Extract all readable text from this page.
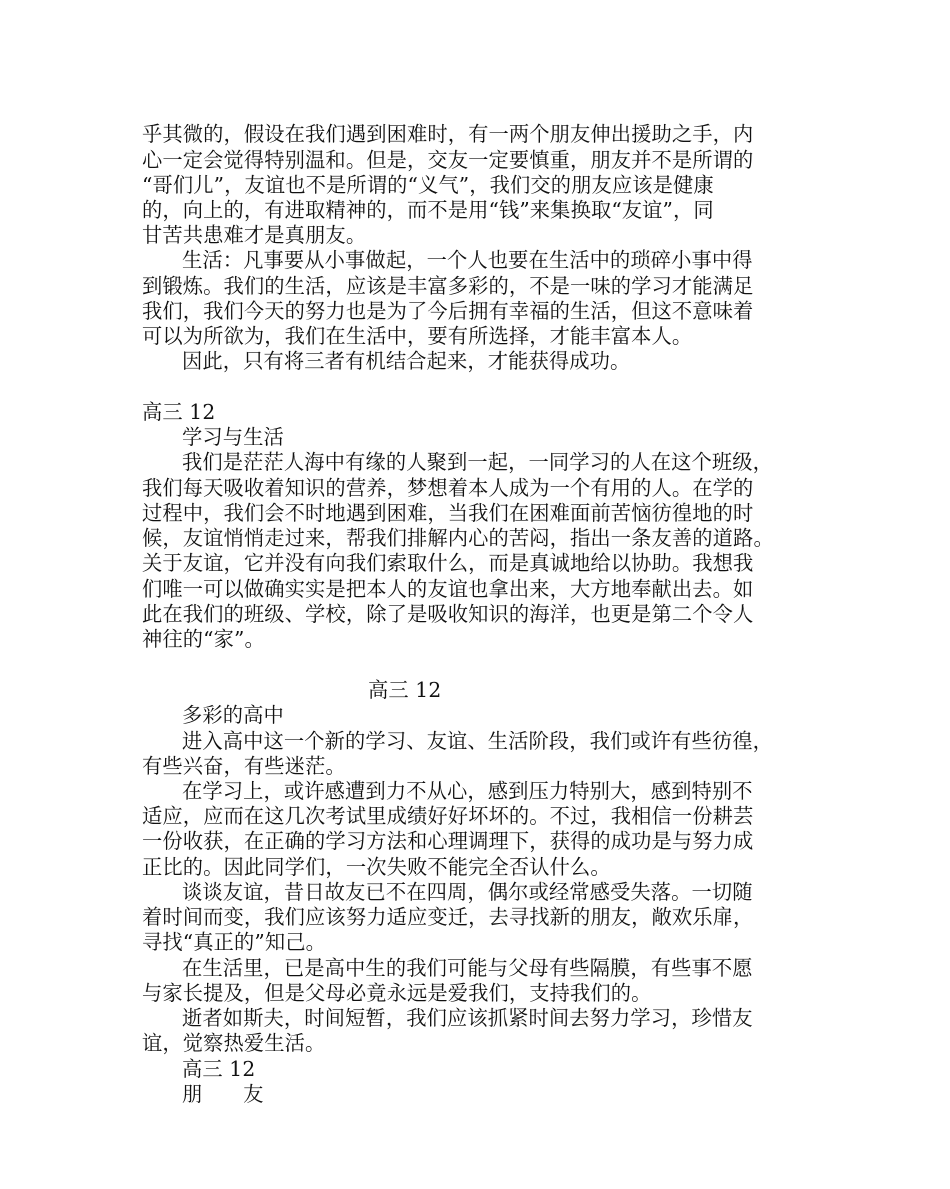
乎其微的，假设在我们遇到困难时，有一两个朋友伸出援助之手，内
心一定会觉得特别温和。但是，交友一定要慎重，朋友并不是所谓的
“哥们儿”，友谊也不是所谓的“义气”，我们交的朋友应该是健康
的，向上的，有进取精神的，而不是用“钱”来集换取“友谊”，同
甘苦共患难才是真朋友。
生活：凡事要从小事做起，一个人也要在生活中的琐碎小事中得
到锻炼。我们的生活，应该是丰富多彩的，不是一味的学习才能满足
我们，我们今天的努力也是为了今后拥有幸福的生活，但这不意味着
可以为所欲为，我们在生活中，要有所选择，才能丰富本人。
因此，只有将三者有机结合起来，才能获得成功。
高三 12
学习与生活
我们是茫茫人海中有缘的人聚到一起，一同学习的人在这个班级，
我们每天吸收着知识的营养，梦想着本人成为一个有用的人。在学的
过程中，我们会不时地遇到困难，当我们在困难面前苦恼彷徨地的时
候，友谊悄悄走过来，帮我们排解内心的苦闷，指出一条友善的道路。
关于友谊，它并没有向我们索取什么，而是真诚地给以协助。我想我
们唯一可以做确实实是把本人的友谊也拿出来，大方地奉献出去。如
此在我们的班级、学校，除了是吸收知识的海洋，也更是第二个令人
神往的“家”。
高三 12
多彩的高中
进入高中这一个新的学习、友谊、生活阶段，我们或许有些彷徨，
有些兴奋，有些迷茫。
在学习上，或许感遭到力不从心，感到压力特别大，感到特别不
适应，应而在这几次考试里成绩好好坏坏的。不过，我相信一份耕芸
一份收获，在正确的学习方法和心理调理下，获得的成功是与努力成
正比的。因此同学们，一次失败不能完全否认什么。
谈谈友谊，昔日故友已不在四周，偶尔或经常感受失落。一切随
着时间而变，我们应该努力适应变迁，去寻找新的朋友，敞欢乐扉，
寻找“真正的”知己。
在生活里，已是高中生的我们可能与父母有些隔膜，有些事不愿
与家长提及，但是父母必竟永远是爱我们，支持我们的。
逝者如斯夫，时间短暂，我们应该抓紧时间去努力学习，珍惜友
谊，觉察热爱生活。
高三 12
朋　　友
